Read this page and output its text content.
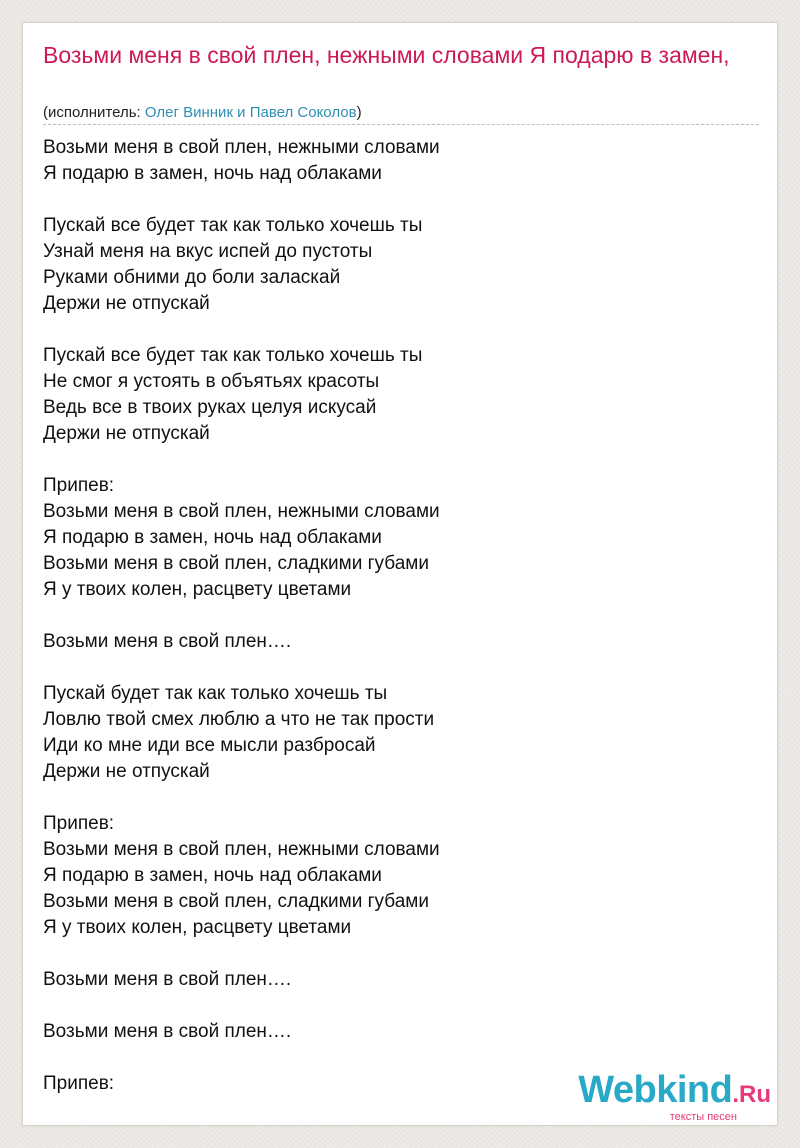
Возьми меня в свой плен, нежными словами Я подарю в замен,
(исполнитель: Олег Винник и Павел Соколов)
Возьми меня в свой плен, нежными словами
Я подарю в замен, ночь над облаками

Пускай все будет так как только хочешь ты
Узнай меня на вкус испей до пустоты
Руками обними до боли заласкай
Держи не отпускай

Пускай все будет так как только хочешь ты
Не смог я устоять в объятьях красоты
Ведь все в твоих руках целуя искусай
Держи не отпускай

Припев:
Возьми меня в свой плен, нежными словами
Я подарю в замен, ночь над облаками
Возьми меня в свой плен, сладкими губами
Я у твоих колен, расцвету цветами

Возьми меня в свой плен….

Пускай будет так как только хочешь ты
Ловлю твой смех люблю а что не так прости
Иди ко мне иди все мысли разбросай
Держи не отпускай

Припев:
Возьми меня в свой плен, нежными словами
Я подарю в замен, ночь над облаками
Возьми меня в свой плен, сладкими губами
Я у твоих колен, расцвету цветами

Возьми меня в свой плен….

Возьми меня в свой плен….

Припев:	Webkind.Ru
тексты песен
